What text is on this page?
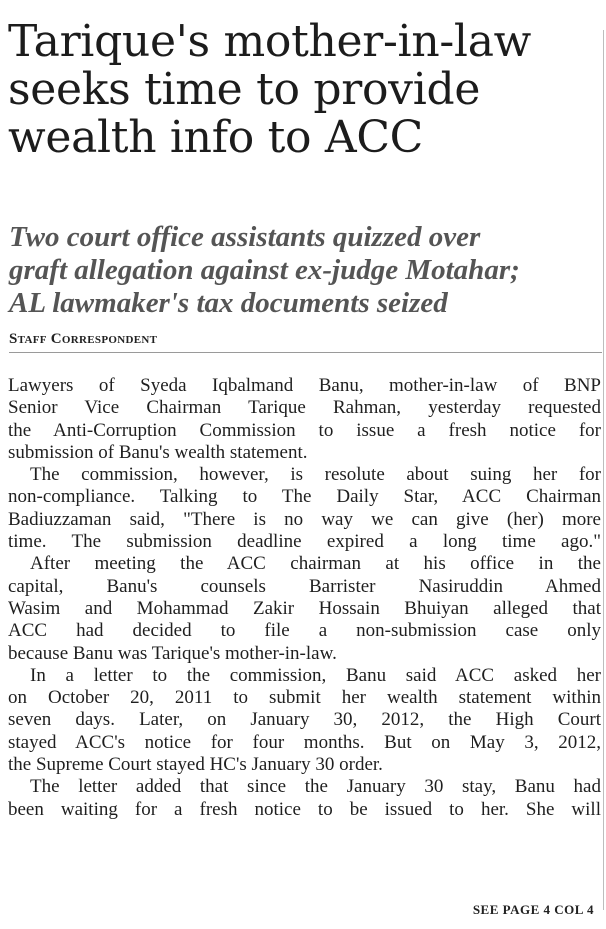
Tarique's mother-in-law
seeks time to provide
wealth info to ACC
Two court office assistants quizzed over
graft allegation against ex-judge Motahar;
AL lawmaker's tax documents seized
Staff Correspondent
Lawyers of Syeda Iqbalmand Banu, mother-in-law of BNP
Senior Vice Chairman Tarique Rahman, yesterday requested
the Anti-Corruption Commission to issue a fresh notice for
submission of Banu's wealth statement.
The commission, however, is resolute about suing her for
non-compliance. Talking to The Daily Star, ACC Chairman
Badiuzzaman said, "There is no way we can give (her) more
time. The submission deadline expired a long time ago."
After meeting the ACC chairman at his office in the
capital, Banu's counsels Barrister Nasiruddin Ahmed
Wasim and Mohammad Zakir Hossain Bhuiyan alleged that
ACC had decided to file a non-submission case only
because Banu was Tarique's mother-in-law.
In a letter to the commission, Banu said ACC asked her
on October 20, 2011 to submit her wealth statement within
seven days. Later, on January 30, 2012, the High Court
stayed ACC's notice for four months. But on May 3, 2012,
the Supreme Court stayed HC's January 30 order.
The letter added that since the January 30 stay, Banu had
been waiting for a fresh notice to be issued to her. She will
SEE PAGE 4 COL 4
